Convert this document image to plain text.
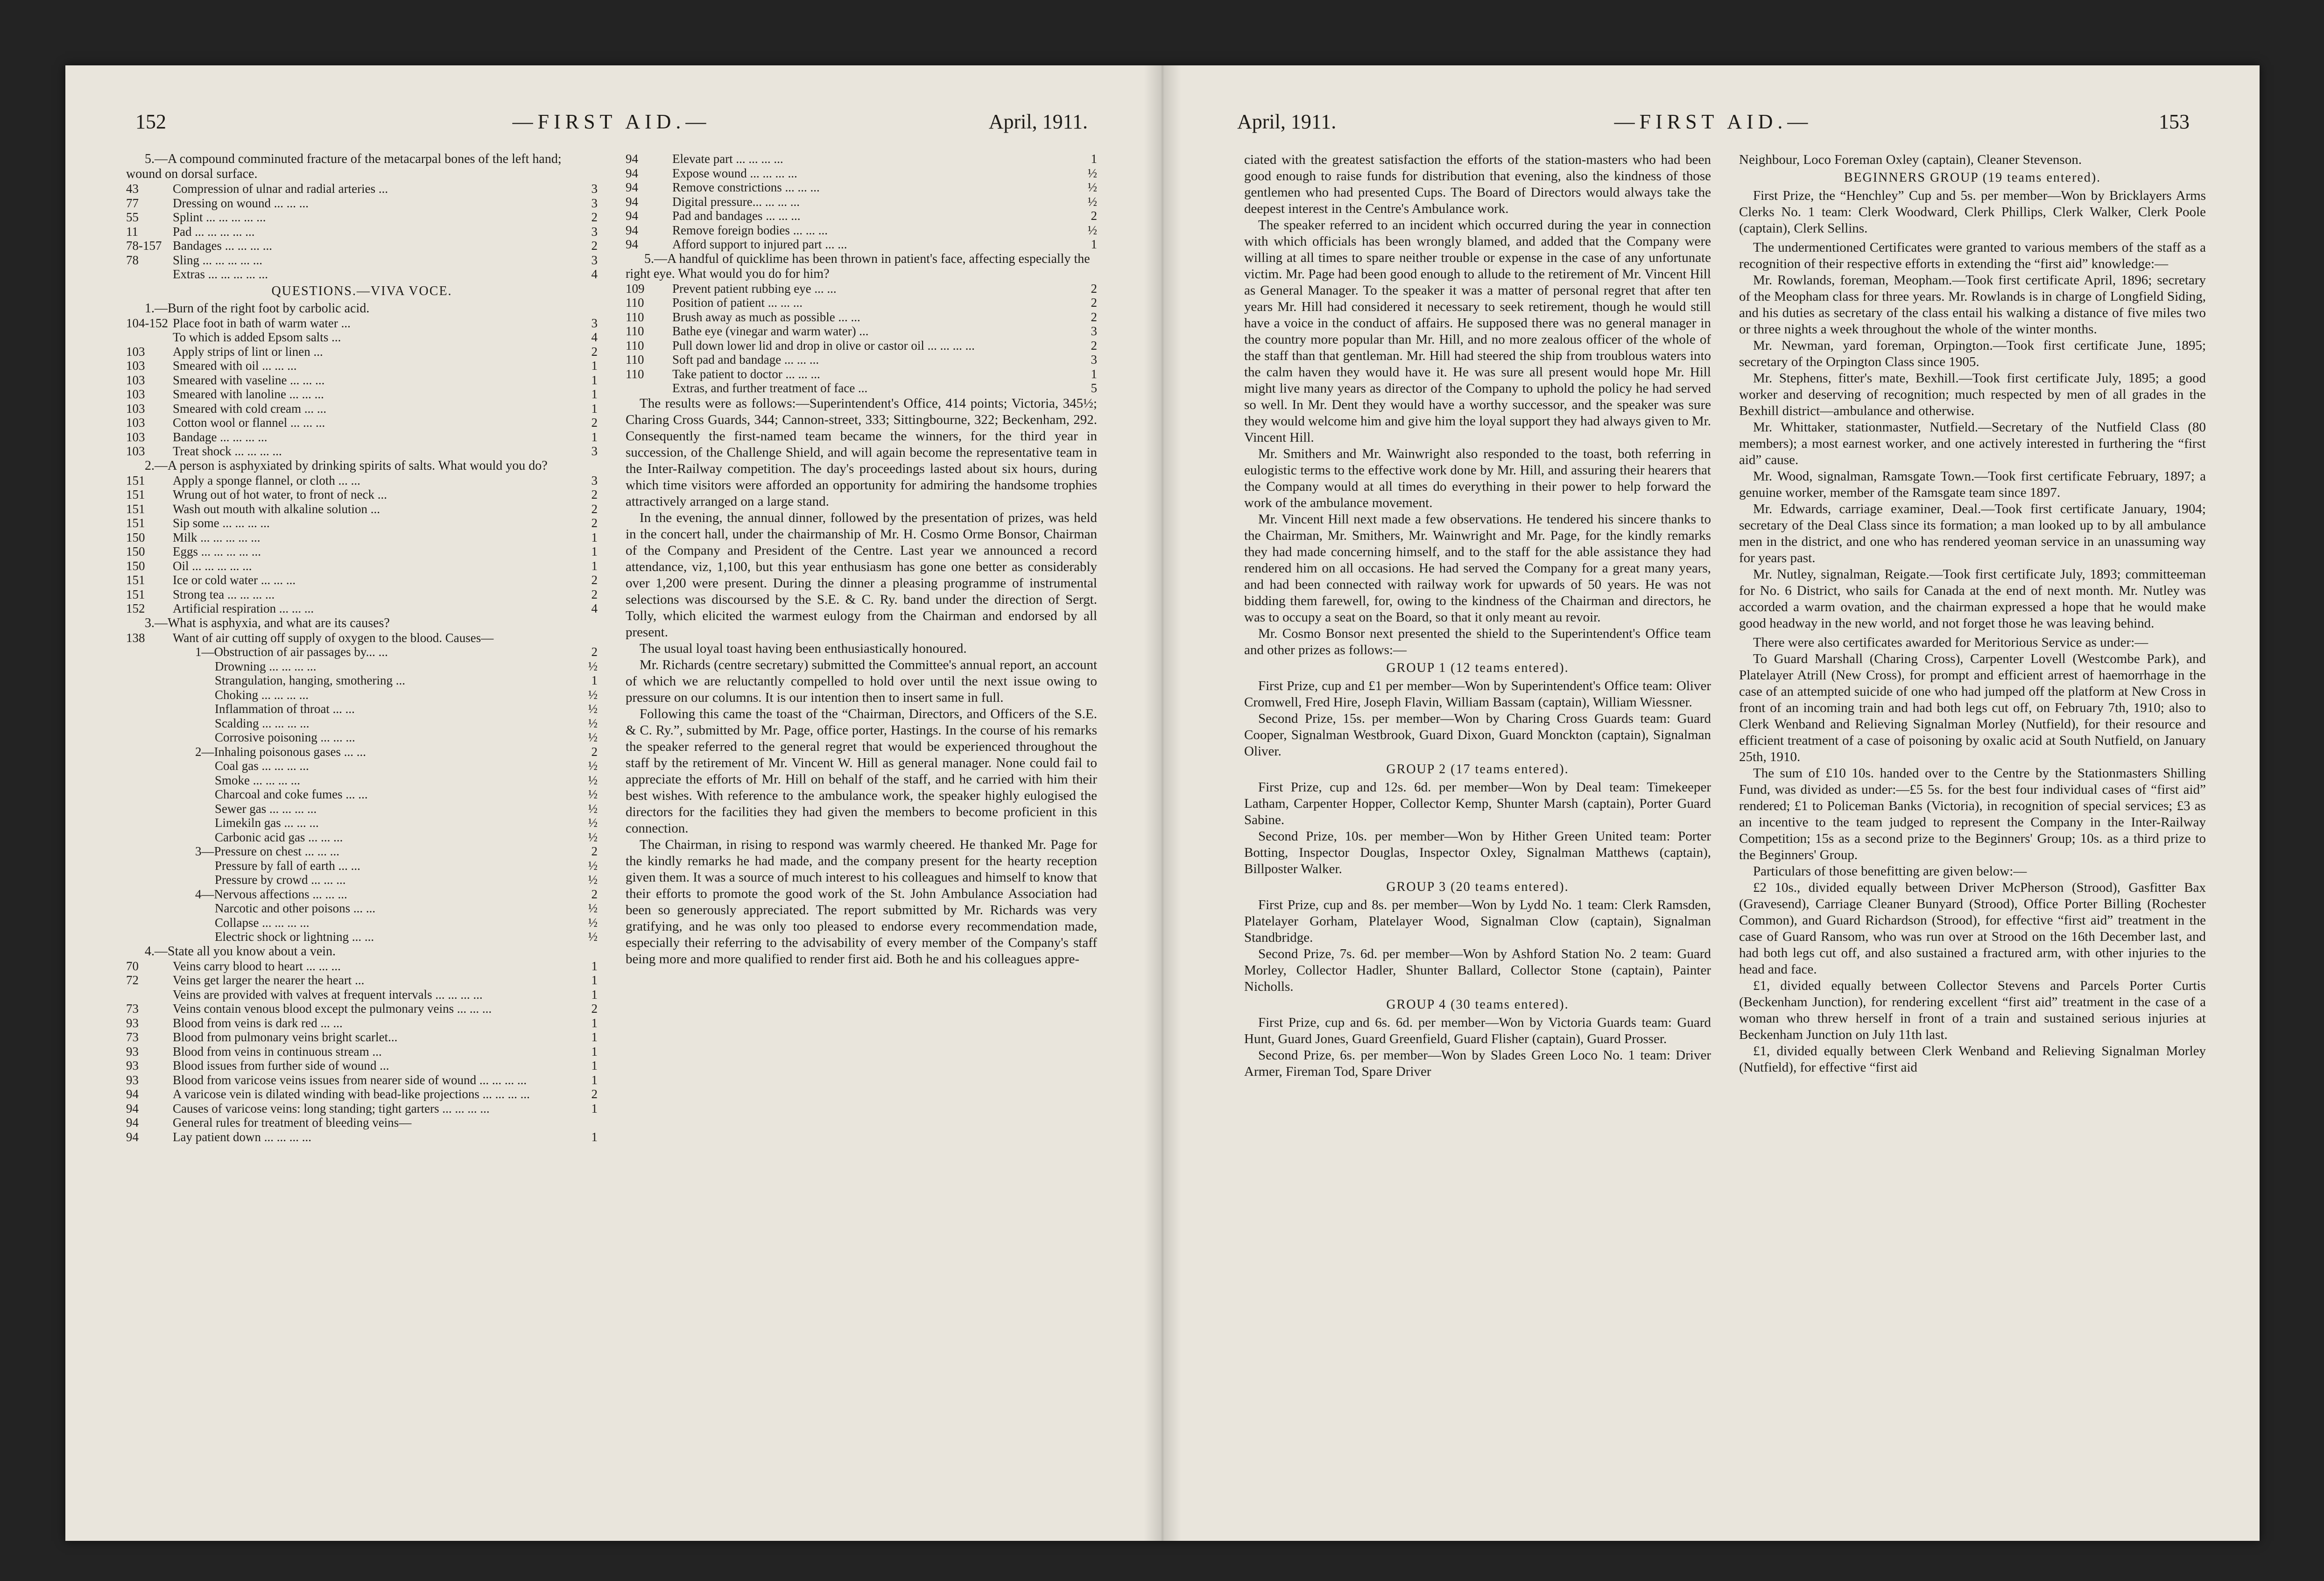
152	—FIRST AID.—	April, 1911.

5.—A compound comminuted fracture of the metacarpal bones of the left hand; wound on dorsal surface.

43	Compression of ulnar and radial arteries ...	3
77	Dressing on wound ... ... ...	3
55	Splint ... ... ... ... ...	2
11	Pad ... ... ... ... ...	3
78-157 Bandages ... ... ... ...	2
78	Sling ... ... ... ... ...	3
Extras ... ... ... ... ...	4
QUESTIONS.—VIVA VOCE.

1.—Burn of the right foot by carbolic acid.

104-152 Place foot in bath of warm water ...	3
To which is added Epsom salts ...	4
103	Apply strips of lint or linen ...	2
103	Smeared with oil ... ... ...	1
103	Smeared with vaseline ... ... ...	1
103	Smeared with lanoline ... ... ...	1
103	Smeared with cold cream ... ...	1
103	Cotton wool or flannel ... ... ...	2
103	Bandage ... ... ... ...	1
103	Treat shock ... ... ... ...	3

2.—A person is asphyxiated by drinking spirits of salts. What would you do?

151	Apply a sponge flannel, or cloth ... ...	3
151	Wrung out of hot water, to front of neck ...	2
151	Wash out mouth with alkaline solution ...	2
151	Sip some ... ... ... ...	2
150	Milk ... ... ... ... ...	1
150	Eggs ... ... ... ... ...	1
150	Oil ... ... ... ... ...	1
151	Ice or cold water ... ... ...	2
151	Strong tea ... ... ... ...	2
152	Artificial respiration ... ... ...	4

3.—What is asphyxia, and what are its causes?

138	Want of air cutting off supply of oxygen to the blood. Causes—
1—Obstruction of air passages by... ...	2
Drowning ... ... ... ...	½
Strangulation, hanging, smothering ...	1
Choking ... ... ... ...	½
Inflammation of throat ... ...	½
Scalding ... ... ... ...	½
Corrosive poisoning ... ... ...	½
2—Inhaling poisonous gases ... ...	2
Coal gas ... ... ... ...	½
Smoke ... ... ... ...	½
Charcoal and coke fumes ... ...	½
Sewer gas ... ... ... ...	½
Limekiln gas ... ... ...	½
Carbonic acid gas ... ... ...	½
3—Pressure on chest ... ... ...	2
Pressure by fall of earth ... ...	½
Pressure by crowd ... ... ...	½
4—Nervous affections ... ... ...	2
Narcotic and other poisons ... ...	½
Collapse ... ... ... ...	½
Electric shock or lightning ... ...	½

4.—State all you know about a vein.

70	Veins carry blood to heart ... ... ...	1
72	Veins get larger the nearer the heart ...	1
Veins are provided with valves at frequent intervals ... ... ... ...	1
73	Veins contain venous blood except the pulmonary veins ... ... ...	2
93	Blood from veins is dark red ... ...	1
73	Blood from pulmonary veins bright scarlet...	1
93	Blood from veins in continuous stream ...	1
93	Blood issues from further side of wound ...	1
93	Blood from varicose veins issues from nearer side of wound ... ... ... ...	1
94	A varicose vein is dilated winding with bead-like projections ... ... ... ...	2
94	Causes of varicose veins: long standing; tight garters ... ... ... ...	1
94	General rules for treatment of bleeding veins—
94	Lay patient down ... ... ... ...	1
94	Elevate part ... ... ... ...	1
94	Expose wound ... ... ... ...	½
94	Remove constrictions ... ... ...	½
94	Digital pressure... ... ... ...	½
94	Pad and bandages ... ... ...	2
94	Remove foreign bodies ... ... ...	½
94	Afford support to injured part ... ...	1

5.—A handful of quicklime has been thrown in patient's face, affecting especially the right eye. What would you do for him?

109	Prevent patient rubbing eye ... ...	2
110	Position of patient ... ... ...	2
110	Brush away as much as possible ... ...	2
110	Bathe eye (vinegar and warm water) ...	3
110	Pull down lower lid and drop in olive or castor oil ... ... ... ...	2
110	Soft pad and bandage ... ... ...	3
110	Take patient to doctor ... ... ...	1
Extras, and further treatment of face ...	5

The results were as follows:—Superintendent's Office, 414 points; Victoria, 345½; Charing Cross Guards, 344; Cannon-street, 333; Sittingbourne, 322; Beckenham, 292. Consequently the first-named team became the winners, for the third year in succession, of the Challenge Shield, and will again become the representative team in the Inter-Railway competition. The day's proceedings lasted about six hours, during which time visitors were afforded an opportunity for admiring the handsome trophies attractively arranged on a large stand.

In the evening, the annual dinner, followed by the presentation of prizes, was held in the concert hall, under the chairmanship of Mr. H. Cosmo Orme Bonsor, Chairman of the Company and President of the Centre. Last year we announced a record attendance, viz, 1,100, but this year enthusiasm has gone one better as considerably over 1,200 were present. During the dinner a pleasing programme of instrumental selections was discoursed by the S.E. & C. Ry. band under the direction of Sergt. Tolly, which elicited the warmest eulogy from the Chairman and endorsed by all present.

The usual loyal toast having been enthusiastically honoured.

Mr. Richards (centre secretary) submitted the Committee's annual report, an account of which we are reluctantly compelled to hold over until the next issue owing to pressure on our columns. It is our intention then to insert same in full.

Following this came the toast of the “Chairman, Directors, and Officers of the S.E. & C. Ry.”, submitted by Mr. Page, office porter, Hastings. In the course of his remarks the speaker referred to the general regret that would be experienced throughout the staff by the retirement of Mr. Vincent W. Hill as general manager. None could fail to appreciate the efforts of Mr. Hill on behalf of the staff, and he carried with him their best wishes. With reference to the ambulance work, the speaker highly eulogised the directors for the facilities they had given the members to become proficient in this connection.

The Chairman, in rising to respond was warmly cheered. He thanked Mr. Page for the kindly remarks he had made, and the company present for the hearty reception given them. It was a source of much interest to his colleagues and himself to know that their efforts to promote the good work of the St. John Ambulance Association had been so generously appreciated. The report submitted by Mr. Richards was very gratifying, and he was only too pleased to endorse every recommendation made, especially their referring to the advisability of every member of the Company's staff being more and more qualified to render first aid. Both he and his colleagues appre-

April, 1911.	—FIRST AID.—	153

ciated with the greatest satisfaction the efforts of the station-masters who had been good enough to raise funds for distribution that evening, also the kindness of those gentlemen who had presented Cups. The Board of Directors would always take the deepest interest in the Centre's Ambulance work.

The speaker referred to an incident which occurred during the year in connection with which officials has been wrongly blamed, and added that the Company were willing at all times to spare neither trouble or expense in the case of any unfortunate victim. Mr. Page had been good enough to allude to the retirement of Mr. Vincent Hill as General Manager. To the speaker it was a matter of personal regret that after ten years Mr. Hill had considered it necessary to seek retirement, though he would still have a voice in the conduct of affairs. He supposed there was no general manager in the country more popular than Mr. Hill, and no more zealous officer of the whole of the staff than that gentleman. Mr. Hill had steered the ship from troublous waters into the calm haven they would have it. He was sure all present would hope Mr. Hill might live many years as director of the Company to uphold the policy he had served so well. In Mr. Dent they would have a worthy successor, and the speaker was sure they would welcome him and give him the loyal support they had always given to Mr. Vincent Hill.

Mr. Smithers and Mr. Wainwright also responded to the toast, both referring in eulogistic terms to the effective work done by Mr. Hill, and assuring their hearers that the Company would at all times do everything in their power to help forward the work of the ambulance movement.

Mr. Vincent Hill next made a few observations. He tendered his sincere thanks to the Chairman, Mr. Smithers, Mr. Wainwright and Mr. Page, for the kindly remarks they had made concerning himself, and to the staff for the able assistance they had rendered him on all occasions. He had served the Company for a great many years, and had been connected with railway work for upwards of 50 years. He was not bidding them farewell, for, owing to the kindness of the Chairman and directors, he was to occupy a seat on the Board, so that it only meant au revoir.

Mr. Cosmo Bonsor next presented the shield to the Superintendent's Office team and other prizes as follows:—

GROUP 1 (12 teams entered).

First Prize, cup and £1 per member—Won by Superintendent's Office team: Oliver Cromwell, Fred Hire, Joseph Flavin, William Bassam (captain), William Wiessner.

Second Prize, 15s. per member—Won by Charing Cross Guards team: Guard Cooper, Signalman Westbrook, Guard Dixon, Guard Monckton (captain), Signalman Oliver.

GROUP 2 (17 teams entered).

First Prize, cup and 12s. 6d. per member—Won by Deal team: Timekeeper Latham, Carpenter Hopper, Collector Kemp, Shunter Marsh (captain), Porter Guard Sabine.

Second Prize, 10s. per member—Won by Hither Green United team: Porter Botting, Inspector Douglas, Inspector Oxley, Signalman Matthews (captain), Billposter Walker.

GROUP 3 (20 teams entered).

First Prize, cup and 8s. per member—Won by Lydd No. 1 team: Clerk Ramsden, Platelayer Gorham, Platelayer Wood, Signalman Clow (captain), Signalman Standbridge.

Second Prize, 7s. 6d. per member—Won by Ashford Station No. 2 team: Guard Morley, Collector Hadler, Shunter Ballard, Collector Stone (captain), Painter Nicholls.

GROUP 4 (30 teams entered).

First Prize, cup and 6s. 6d. per member—Won by Victoria Guards team: Guard Hunt, Guard Jones, Guard Greenfield, Guard Flisher (captain), Guard Prosser.

Second Prize, 6s. per member—Won by Slades Green Loco No. 1 team: Driver Armer, Fireman Tod, Spare Driver

Neighbour, Loco Foreman Oxley (captain), Cleaner Stevenson.

BEGINNERS GROUP (19 teams entered).

First Prize, the “Henchley” Cup and 5s. per member—Won by Bricklayers Arms Clerks No. 1 team: Clerk Woodward, Clerk Phillips, Clerk Walker, Clerk Poole (captain), Clerk Sellins.

The undermentioned Certificates were granted to various members of the staff as a recognition of their respective efforts in extending the “first aid” knowledge:—

Mr. Rowlands, foreman, Meopham.—Took first certificate April, 1896; secretary of the Meopham class for three years. Mr. Rowlands is in charge of Longfield Siding, and his duties as secretary of the class entail his walking a distance of five miles two or three nights a week throughout the whole of the winter months.

Mr. Newman, yard foreman, Orpington.—Took first certificate June, 1895; secretary of the Orpington Class since 1905.

Mr. Stephens, fitter's mate, Bexhill.—Took first certificate July, 1895; a good worker and deserving of recognition; much respected by men of all grades in the Bexhill district—ambulance and otherwise.

Mr. Whittaker, stationmaster, Nutfield.—Secretary of the Nutfield Class (80 members); a most earnest worker, and one actively interested in furthering the “first aid” cause.

Mr. Wood, signalman, Ramsgate Town.—Took first certificate February, 1897; a genuine worker, member of the Ramsgate team since 1897.

Mr. Edwards, carriage examiner, Deal.—Took first certificate January, 1904; secretary of the Deal Class since its formation; a man looked up to by all ambulance men in the district, and one who has rendered yeoman service in an unassuming way for years past.

Mr. Nutley, signalman, Reigate.—Took first certificate July, 1893; committeeman for No. 6 District, who sails for Canada at the end of next month. Mr. Nutley was accorded a warm ovation, and the chairman expressed a hope that he would make good headway in the new world, and not forget those he was leaving behind.

There were also certificates awarded for Meritorious Service as under:—

To Guard Marshall (Charing Cross), Carpenter Lovell (Westcombe Park), and Platelayer Atrill (New Cross), for prompt and efficient arrest of haemorrhage in the case of an attempted suicide of one who had jumped off the platform at New Cross in front of an incoming train and had both legs cut off, on February 7th, 1910; also to Clerk Wenband and Relieving Signalman Morley (Nutfield), for their resource and efficient treatment of a case of poisoning by oxalic acid at South Nutfield, on January 25th, 1910.

The sum of £10 10s. handed over to the Centre by the Stationmasters Shilling Fund, was divided as under:—£5 5s. for the best four individual cases of “first aid” rendered; £1 to Policeman Banks (Victoria), in recognition of special services; £3 as an incentive to the team judged to represent the Company in the Inter-Railway Competition; 15s as a second prize to the Beginners' Group; 10s. as a third prize to the Beginners' Group.

Particulars of those benefitting are given below:—

£2 10s., divided equally between Driver McPherson (Strood), Gasfitter Bax (Gravesend), Carriage Cleaner Bunyard (Strood), Office Porter Billing (Rochester Common), and Guard Richardson (Strood), for effective “first aid” treatment in the case of Guard Ransom, who was run over at Strood on the 16th December last, and had both legs cut off, and also sustained a fractured arm, with other injuries to the head and face.

£1, divided equally between Collector Stevens and Parcels Porter Curtis (Beckenham Junction), for rendering excellent “first aid” treatment in the case of a woman who threw herself in front of a train and sustained serious injuries at Beckenham Junction on July 11th last.

£1, divided equally between Clerk Wenband and Relieving Signalman Morley (Nutfield), for effective “first aid
